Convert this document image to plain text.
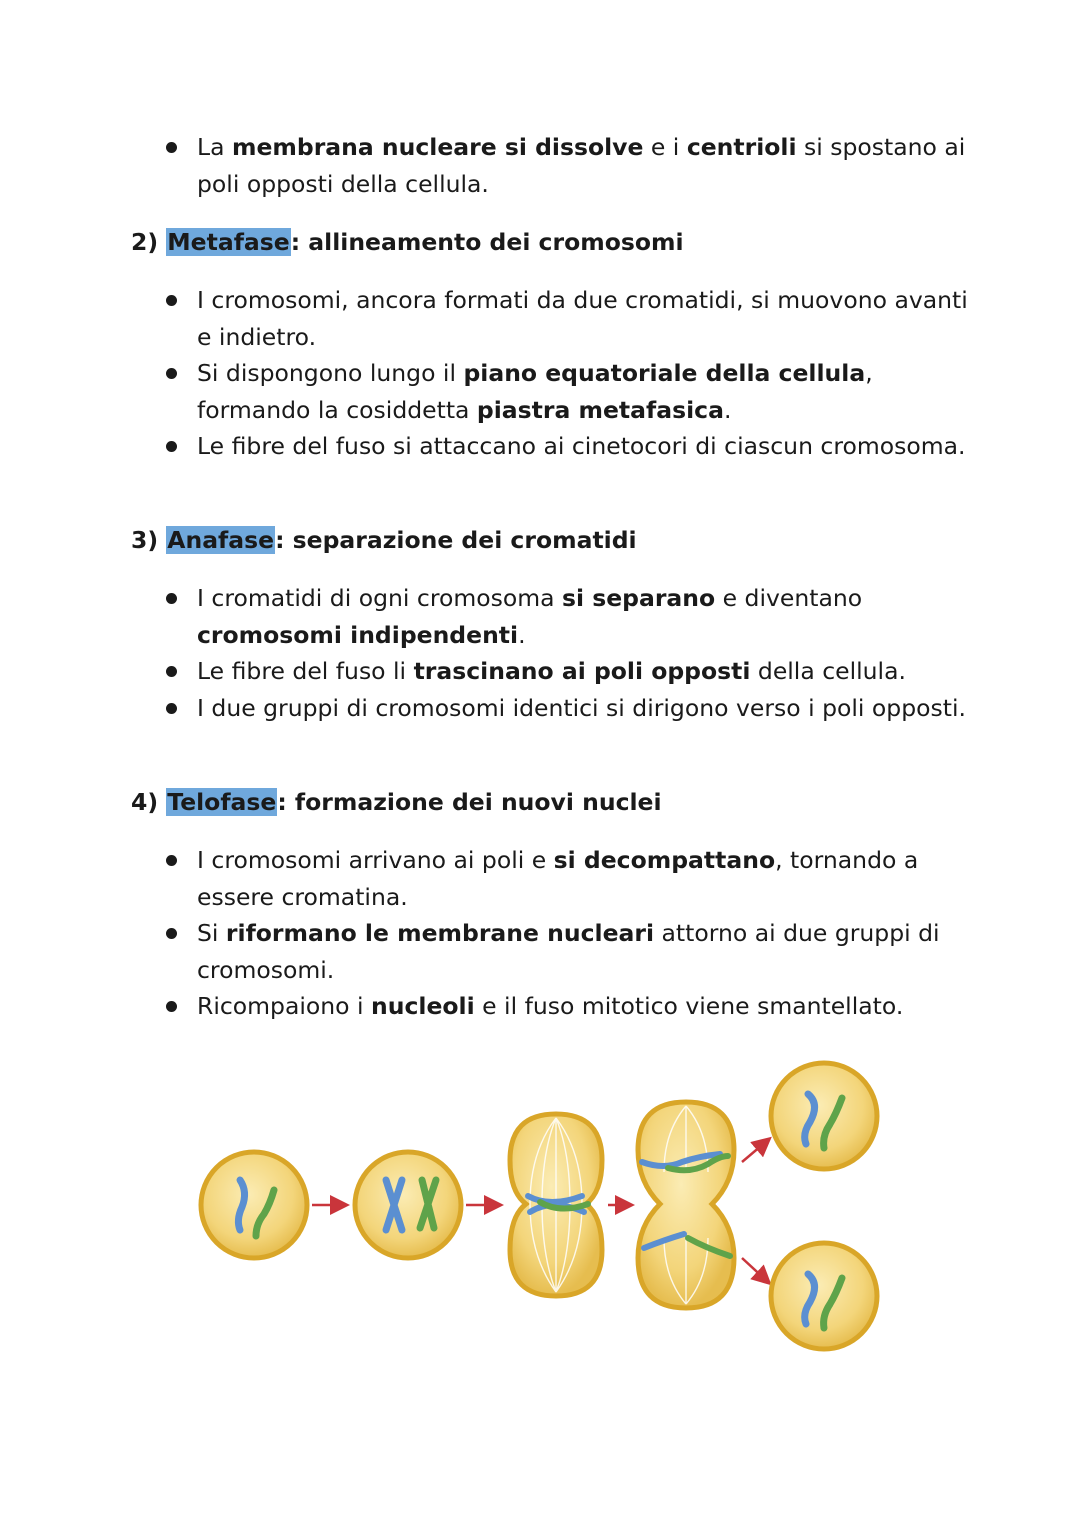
La membrana nucleare si dissolve e i centrioli si spostano ai poli opposti della cellula.
2) Metafase: allineamento dei cromosomi
I cromosomi, ancora formati da due cromatidi, si muovono avanti e indietro.
Si dispongono lungo il piano equatoriale della cellula, formando la cosiddetta piastra metafasica.
Le fibre del fuso si attaccano ai cinetocori di ciascun cromosoma.
3) Anafase: separazione dei cromatidi
I cromatidi di ogni cromosoma si separano e diventano cromosomi indipendenti.
Le fibre del fuso li trascinano ai poli opposti della cellula.
I due gruppi di cromosomi identici si dirigono verso i poli opposti.
4) Telofase: formazione dei nuovi nuclei
I cromosomi arrivano ai poli e si decompattano, tornando a essere cromatina.
Si riformano le membrane nucleari attorno ai due gruppi di cromosomi.
Ricompaiono i nucleoli e il fuso mitotico viene smantellato.
